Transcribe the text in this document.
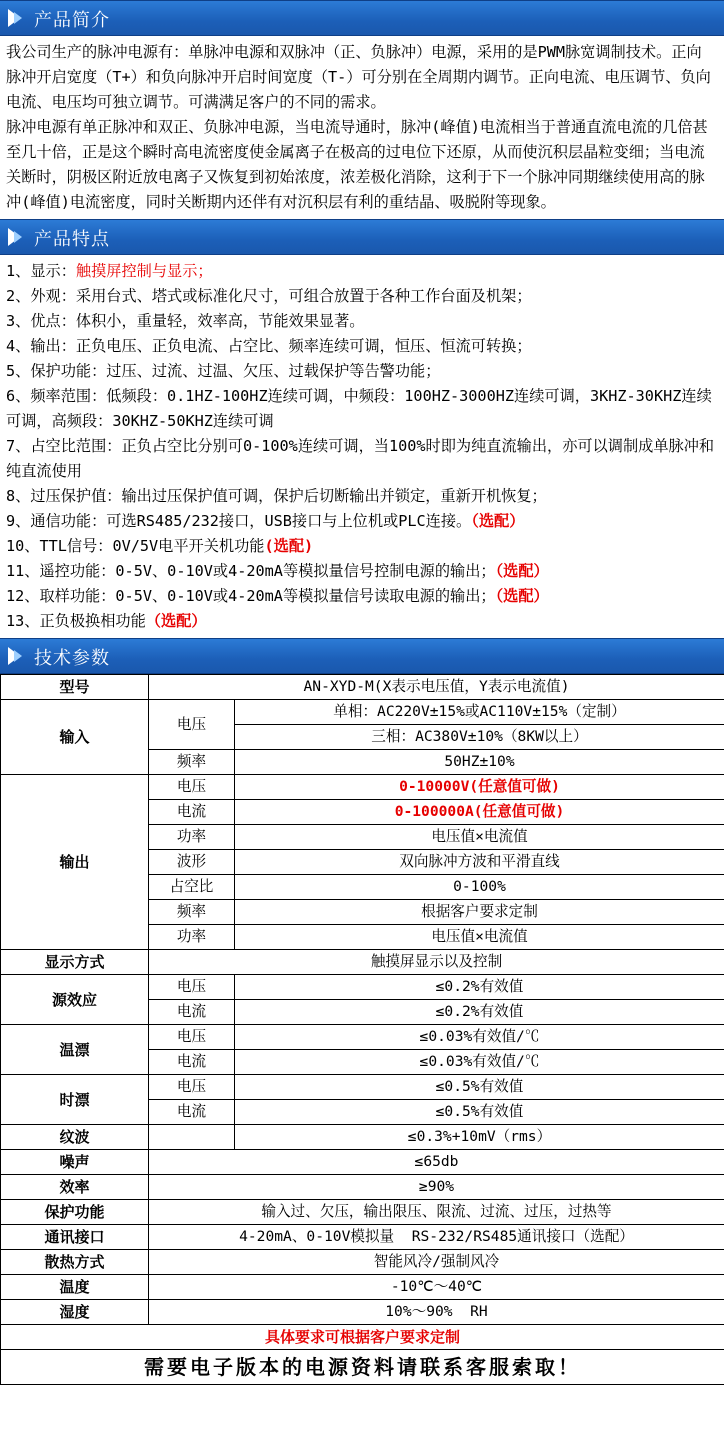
产品简介

我公司生产的脉冲电源有：单脉冲电源和双脉冲（正、负脉冲）电源，采用的是PWM脉宽调制技术。正向脉冲开启宽度（T+）和负向脉冲开启时间宽度（T-）可分别在全周期内调节。正向电流、电压调节、负向电流、电压均可独立调节。可满满足客户的不同的需求。

脉冲电源有单正脉冲和双正、负脉冲电源，当电流导通时，脉冲(峰值)电流相当于普通直流电流的几倍甚至几十倍，正是这个瞬时高电流密度使金属离子在极高的过电位下还原，从而使沉积层晶粒变细；当电流关断时，阴极区附近放电离子又恢复到初始浓度，浓差极化消除，这利于下一个脉冲同期继续使用高的脉冲(峰值)电流密度，同时关断期内还伴有对沉积层有利的重结晶、吸脱附等现象。

产品特点
1、显示：触摸屏控制与显示；
2、外观：采用台式、塔式或标准化尺寸，可组合放置于各种工作台面及机架；
3、优点：体积小，重量轻，效率高，节能效果显著。
4、输出：正负电压、正负电流、占空比、频率连续可调，恒压、恒流可转换；
5、保护功能：过压、过流、过温、欠压、过载保护等告警功能；
6、频率范围：低频段：0.1HZ-100HZ连续可调，中频段：100HZ-3000HZ连续可调，3KHZ-30KHZ连续可调，高频段：30KHZ-50KHZ连续可调
7、占空比范围：正负占空比分别可0-100%连续可调，当100%时即为纯直流输出，亦可以调制成单脉冲和纯直流使用
8、过压保护值：输出过压保护值可调，保护后切断输出并锁定，重新开机恢复；
9、通信功能：可选RS485/232接口，USB接口与上位机或PLC连接。（选配）
10、TTL信号：0V/5V电平开关机功能(选配)
11、遥控功能：0-5V、0-10V或4-20mA等模拟量信号控制电源的输出；（选配）
12、取样功能：0-5V、0-10V或4-20mA等模拟量信号读取电源的输出；（选配）
13、正负极换相功能（选配）
技术参数
型号	AN-XYD-M(X表示电压值，Y表示电流值)	
输入	电压	单相：AC220V±15%或AC110V±15%（定制）
		三相：AC380V±10%（8KW以上）
	频率	50HZ±10%
输出	电压	0-10000V(任意值可做)
	电流	0-100000A(任意值可做)
	功率	电压值×电流值
	波形	双向脉冲方波和平滑直线
	占空比	0-100%
	频率	根据客户要求定制
	功率	电压值×电流值
显示方式	触摸屏显示以及控制	
源效应	电压	≤0.2%有效值
	电流	≤0.2%有效值
温漂	电压	≤0.03%有效值/℃
	电流	≤0.03%有效值/℃
时漂	电压	≤0.5%有效值
	电流	≤0.5%有效值
纹波		≤0.3%+10mV（rms）
噪声	≤65db	
效率	≥90%	
保护功能	输入过、欠压，输出限压、限流、过流、过压，过热等	
通讯接口	4-20mA、0-10V模拟量  RS-232/RS485通讯接口（选配）	
散热方式	智能风冷/强制风冷	
温度	-10℃～40℃	
湿度	10%～90%  RH	
具体要求可根据客户要求定制		
需要电子版本的电源资料请联系客服索取！		
